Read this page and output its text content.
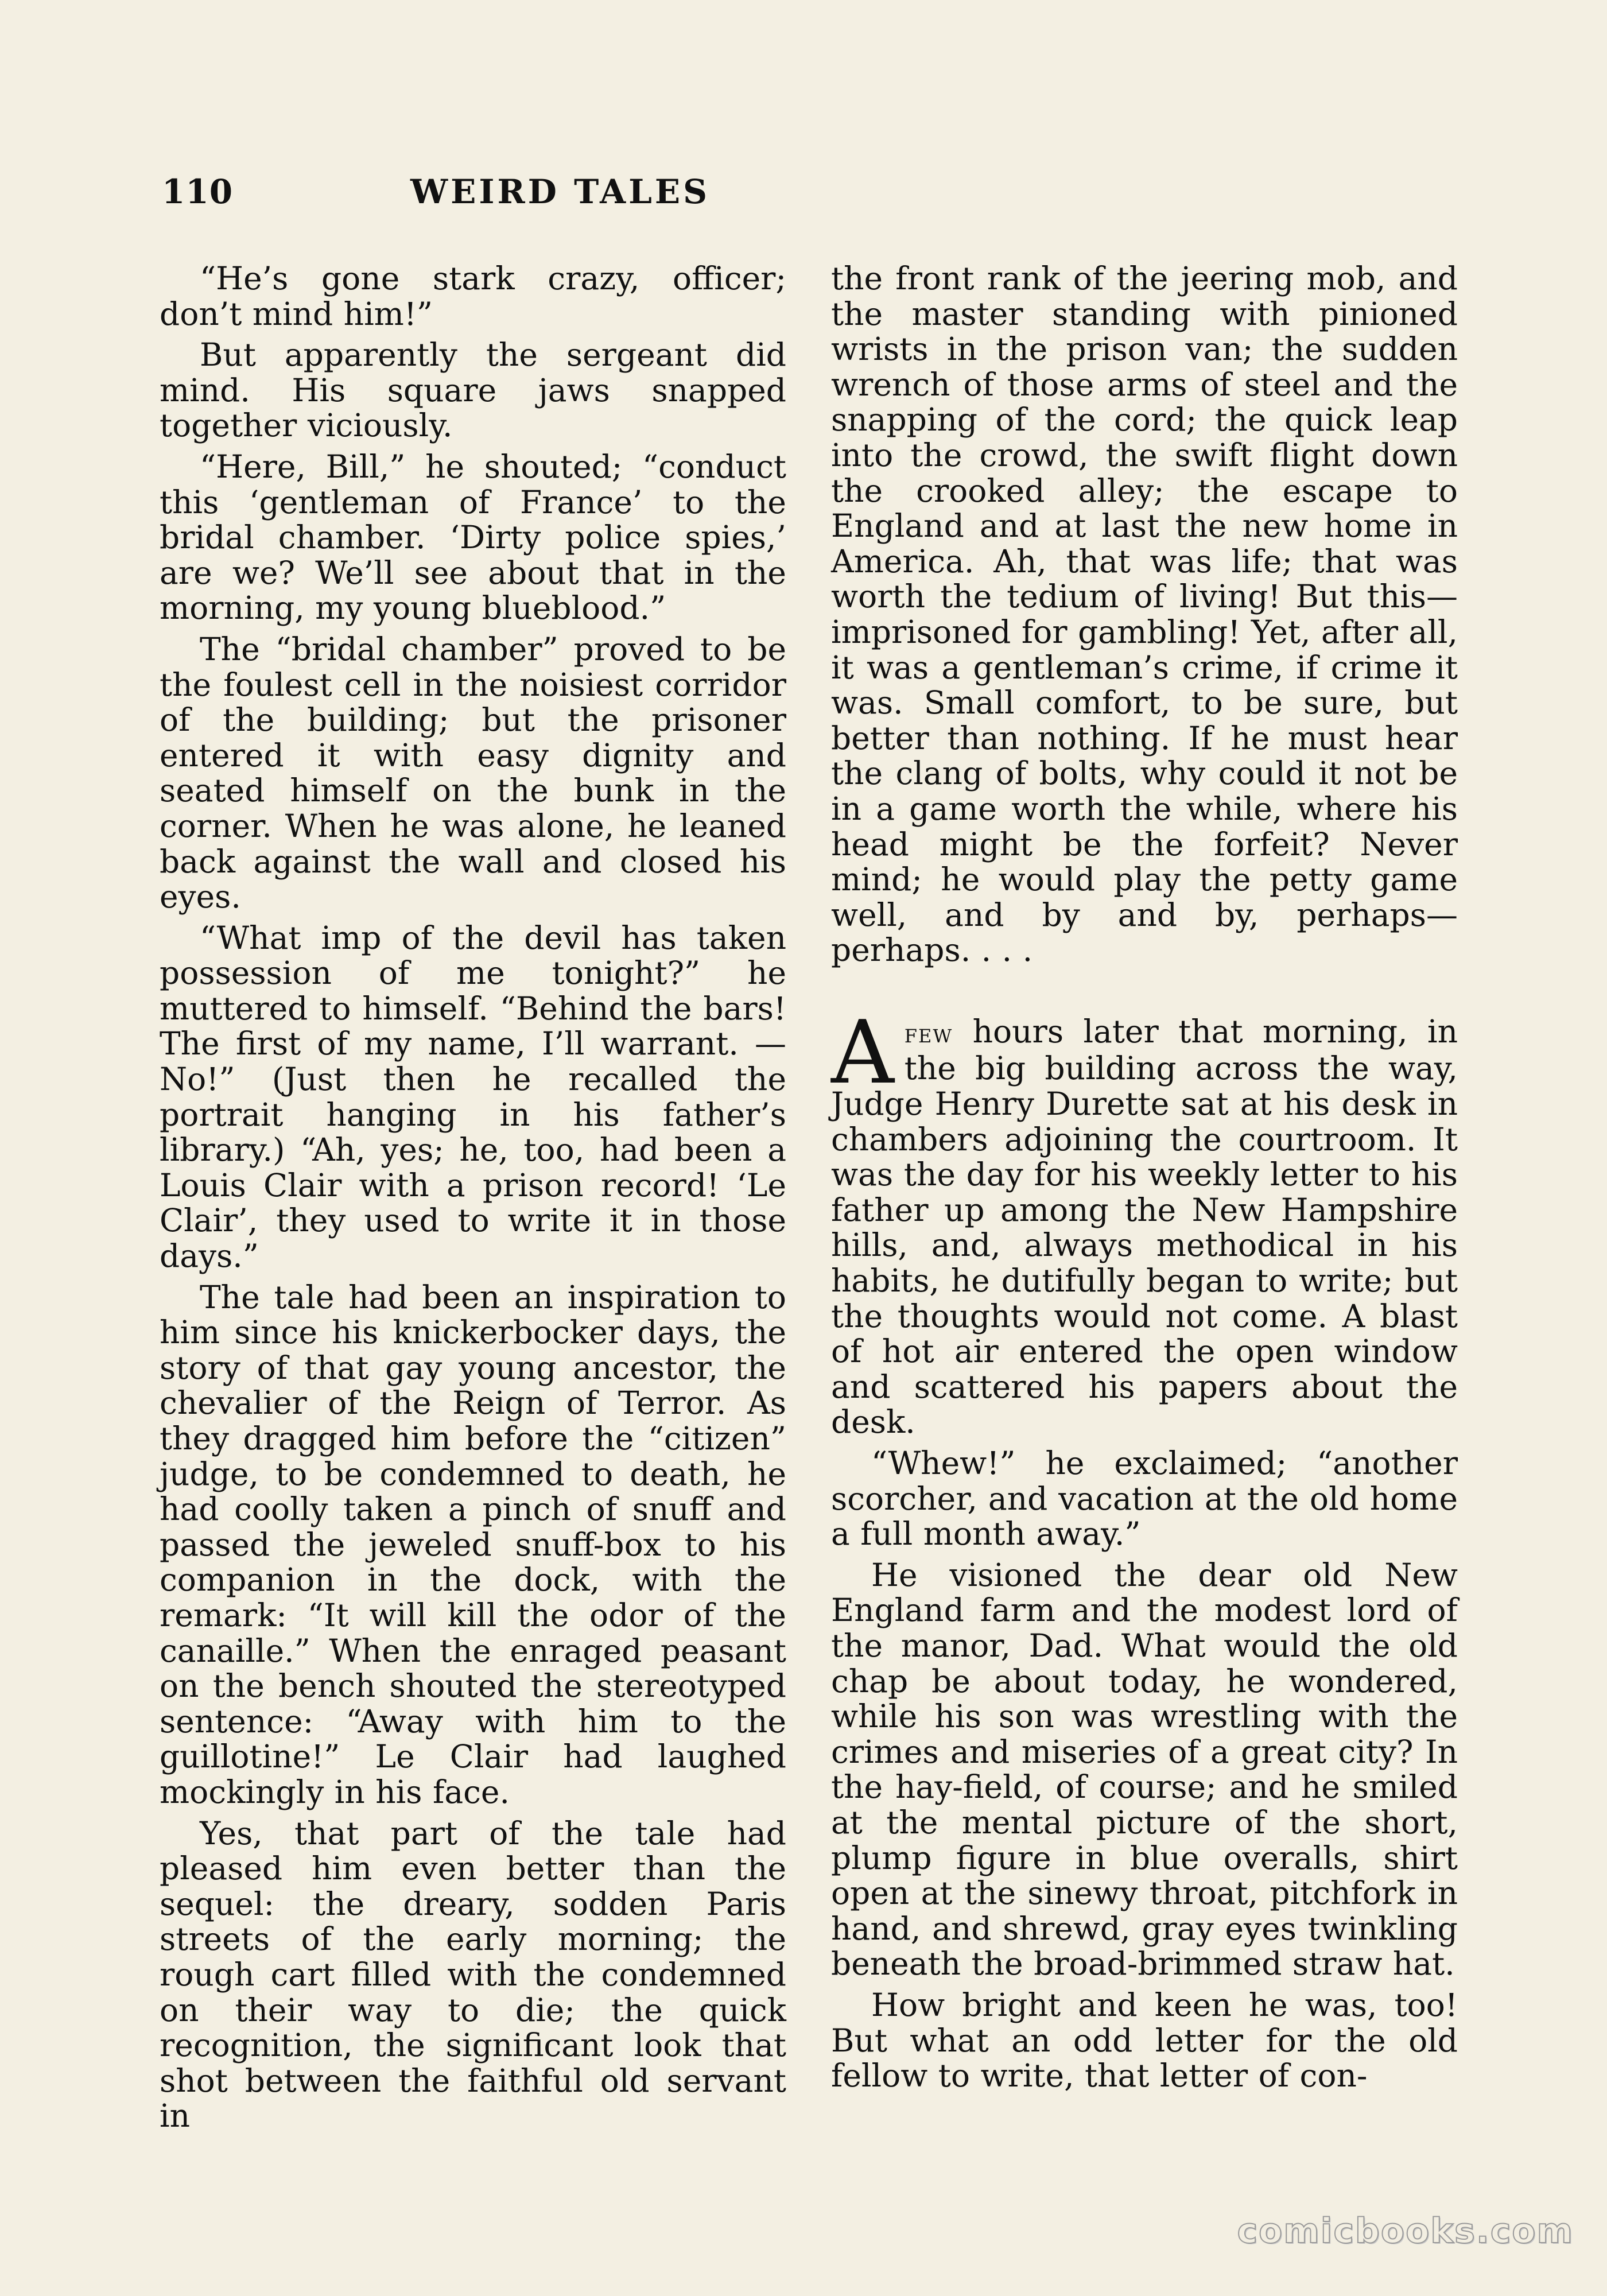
110	WEIRD TALES

“He’s gone stark crazy, officer; don’t mind him!”

But apparently the sergeant did mind. His square jaws snapped together viciously.

“Here, Bill,” he shouted; “conduct this ‘gentleman of France’ to the bridal chamber. ‘Dirty police spies,’ are we? We’ll see about that in the morning, my young blueblood.”

The “bridal chamber” proved to be the foulest cell in the noisiest corridor of the building; but the prisoner entered it with easy dignity and seated himself on the bunk in the corner. When he was alone, he leaned back against the wall and closed his eyes.

“What imp of the devil has taken possession of me tonight?” he muttered to himself. “Behind the bars! The first of my name, I’ll warrant. —No!” (Just then he recalled the portrait hanging in his father’s library.) “Ah, yes; he, too, had been a Louis Clair with a prison record! ‘Le Clair’, they used to write it in those days.”

The tale had been an inspiration to him since his knickerbocker days, the story of that gay young ancestor, the chevalier of the Reign of Terror. As they dragged him before the “citizen” judge, to be condemned to death, he had coolly taken a pinch of snuff and passed the jeweled snuff-box to his companion in the dock, with the remark: “It will kill the odor of the canaille.” When the enraged peasant on the bench shouted the stereotyped sentence: “Away with him to the guillotine!” Le Clair had laughed mockingly in his face.

Yes, that part of the tale had pleased him even better than the sequel: the dreary, sodden Paris streets of the early morning; the rough cart filled with the condemned on their way to die; the quick recognition, the significant look that shot between the faithful old servant in

the front rank of the jeering mob, and the master standing with pinioned wrists in the prison van; the sudden wrench of those arms of steel and the snapping of the cord; the quick leap into the crowd, the swift flight down the crooked alley; the escape to England and at last the new home in America. Ah, that was life; that was worth the tedium of living! But this—imprisoned for gambling! Yet, after all, it was a gentleman’s crime, if crime it was. Small comfort, to be sure, but better than nothing. If he must hear the clang of bolts, why could it not be in a game worth the while, where his head might be the forfeit? Never mind; he would play the petty game well, and by and by, perhaps—perhaps. . . .

Afew hours later that morning, in the big building across the way, Judge Henry Durette sat at his desk in chambers adjoining the courtroom. It was the day for his weekly letter to his father up among the New Hampshire hills, and, always methodical in his habits, he dutifully began to write; but the thoughts would not come. A blast of hot air entered the open window and scattered his papers about the desk.

“Whew!” he exclaimed; “another scorcher, and vacation at the old home a full month away.”

He visioned the dear old New England farm and the modest lord of the manor, Dad. What would the old chap be about today, he wondered, while his son was wrestling with the crimes and miseries of a great city? In the hay-field, of course; and he smiled at the mental picture of the short, plump figure in blue overalls, shirt open at the sinewy throat, pitchfork in hand, and shrewd, gray eyes twinkling beneath the broad-brimmed straw hat.

How bright and keen he was, too! But what an odd letter for the old fellow to write, that letter of con-

comicbooks.com
